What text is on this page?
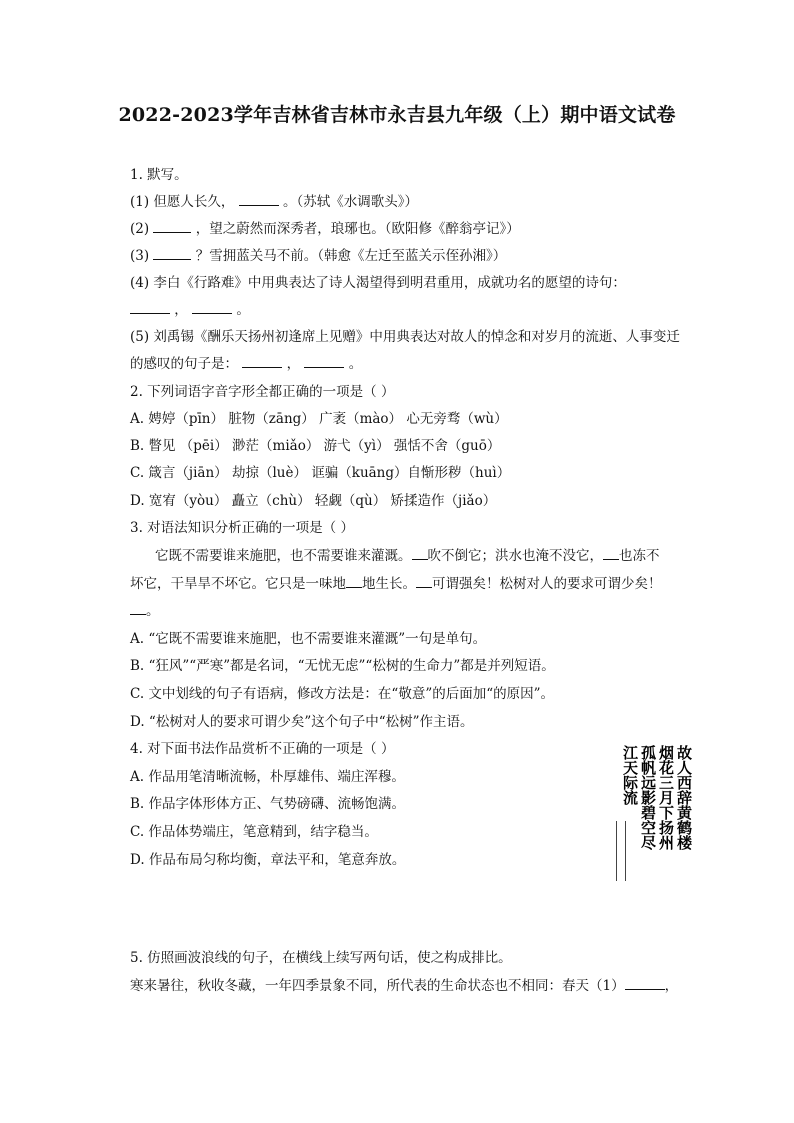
2022-2023学年吉林省吉林市永吉县九年级（上）期中语文试卷
1. 默写。
(1) 但愿人长久，	。（苏轼《水调歌头》）
(2)	，望之蔚然而深秀者，琅琊也。（欧阳修《醉翁亭记》）
(3)	？雪拥蓝关马不前。（韩愈《左迁至蓝关示侄孙湘》）
(4) 李白《行路难》中用典表达了诗人渴望得到明君重用，成就功名的愿望的诗句：
，	。
(5) 刘禹锡《酬乐天扬州初逢席上见赠》中用典表达对故人的悼念和对岁月的流逝、人事变迁
的感叹的句子是：	，	。
2. 下列词语字音字形全都正确的一项是（ ）
A. 娉婷（pīn） 脏物（zāng） 广袤（mào） 心无旁骛（wù）
B. 瞥见 （pēi） 渺茫（miǎo） 游弋（yì） 强恬不舍（guō）
C. 箴言（jiān） 劫掠（luè） 诓骗（kuāng）自惭形秽（huì）
D. 宽宥（yòu） 矗立（chù） 轻觑（qù） 矫揉造作（jiǎo）
3. 对语法知识分析正确的一项是（ ）
它既不需要谁来施肥，也不需要谁来灌溉。 吹不倒它；洪水也淹不没它， 也冻不
坏它，干旱旱不坏它。它只是一味地 地生长。 可谓强矣！松树对人的要求可谓少矣！
。
A. “它既不需要谁来施肥，也不需要谁来灌溉”一句是单句。
B. “狂风”“严寒”都是名词，“无忧无虑”“松树的生命力”都是并列短语。
C. 文中划线的句子有语病，修改方法是：在“敬意”的后面加“的原因”。
D. “松树对人的要求可谓少矣”这个句子中“松树”作主语。
4. 对下面书法作品赏析不正确的一项是（ ）
A. 作品用笔清晰流畅，朴厚雄伟、端庄浑穆。
B. 作品字体形体方正、气势磅礴、流畅饱满。
C. 作品体势端庄，笔意精到，结字稳当。
D. 作品布局匀称均衡，章法平和，笔意奔放。
故人西辞黄鹤楼
烟花三月下扬州
孤帆远影碧空尽
江天际流
5. 仿照画波浪线的句子，在横线上续写两句话，使之构成排比。
寒来暑往，秋收冬藏，一年四季景象不同，所代表的生命状态也不相同：春天（1）	，
